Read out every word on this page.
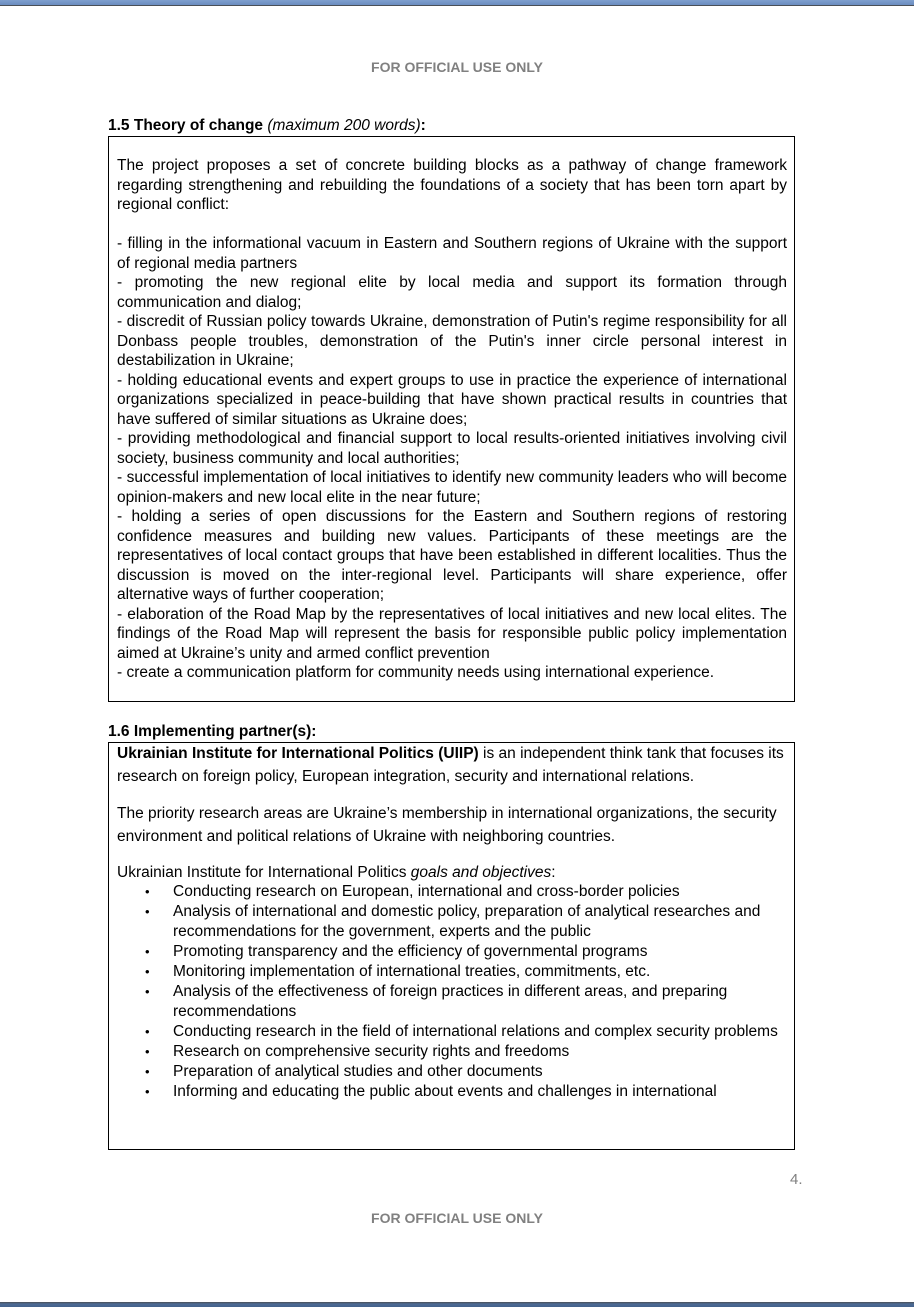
FOR OFFICIAL USE ONLY
1.5 Theory of change (maximum 200 words):

The project proposes a set of concrete building blocks as a pathway of change framework regarding strengthening and rebuilding the foundations of a society that has been torn apart by regional conflict:

- filling in the informational vacuum in Eastern and Southern regions of Ukraine with the support of regional media partners

- promoting the new regional elite by local media and support its formation through communication and dialog;

- discredit of Russian policy towards Ukraine, demonstration of Putin's regime responsibility for all Donbass people troubles, demonstration of the Putin's inner circle personal interest in destabilization in Ukraine;

- holding educational events and expert groups to use in practice the experience of international organizations specialized in peace-building that have shown practical results in countries that have suffered of similar situations as Ukraine does;

- providing methodological and financial support to local results-oriented initiatives involving civil society, business community and local authorities;

- successful implementation of local initiatives to identify new community leaders who will become opinion-makers and new local elite in the near future;

- holding a series of open discussions for the Eastern and Southern regions of restoring confidence measures and building new values. Participants of these meetings are the representatives of local contact groups that have been established in different localities. Thus the discussion is moved on the inter-regional level. Participants will share experience, offer alternative ways of further cooperation;

- elaboration of the Road Map by the representatives of local initiatives and new local elites. The findings of the Road Map will represent the basis for responsible public policy implementation aimed at Ukraine’s unity and armed conflict prevention

- create a communication platform for community needs using international experience.

1.6 Implementing partner(s):

Ukrainian Institute for International Politics (UIIP) is an independent think tank that focuses its research on foreign policy, European integration, security and international relations.

The priority research areas are Ukraine’s membership in international organizations, the security environment and political relations of Ukraine with neighboring countries.

Ukrainian Institute for International Politics goals and objectives:

• Conducting research on European, international and cross-border policies
• Analysis of international and domestic policy, preparation of analytical researches and recommendations for the government, experts and the public
• Promoting transparency and the efficiency of governmental programs
• Monitoring implementation of international treaties, commitments, etc.
• Analysis of the effectiveness of foreign practices in different areas, and preparing recommendations
• Conducting research in the field of international relations and complex security problems
• Research on comprehensive security rights and freedoms
• Preparation of analytical studies and other documents
• Informing and educating the public about events and challenges in international
4.
FOR OFFICIAL USE ONLY
